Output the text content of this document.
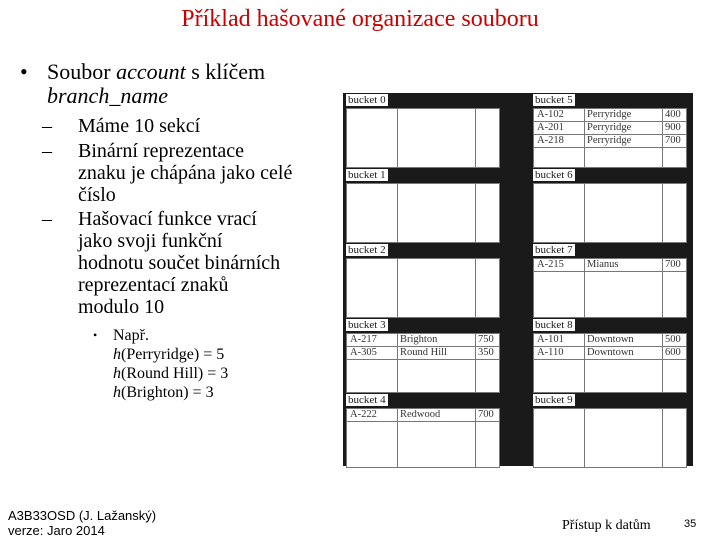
Příklad hašované organizace souboru
• Soubor account s klíčem
branch_name
– Máme 10 sekcí
– Binární reprezentace
znaku je chápána jako celé
číslo
– Hašovací funkce vrací
jako svoji funkční
hodnotu součet binárních
reprezentací znaků
modulo 10
• Např.
h(Perryridge) = 5
h(Round Hill) = 3
h(Brighton) = 3
bucket 0
bucket 1
bucket 2
bucket 3
A-217	Brighton	750
A-305	Round Hill	350
bucket 4
A-222	Redwood	700
bucket 5
A-102	Perryridge	400
A-201	Perryridge	900
A-218	Perryridge	700
bucket 6
bucket 7
A-215	Mianus	700
bucket 8
A-101	Downtown	500
A-110	Downtown	600
bucket 9
A3B33OSD (J. Lažanský)
verze: Jaro 2014	Přístup k datům	35
